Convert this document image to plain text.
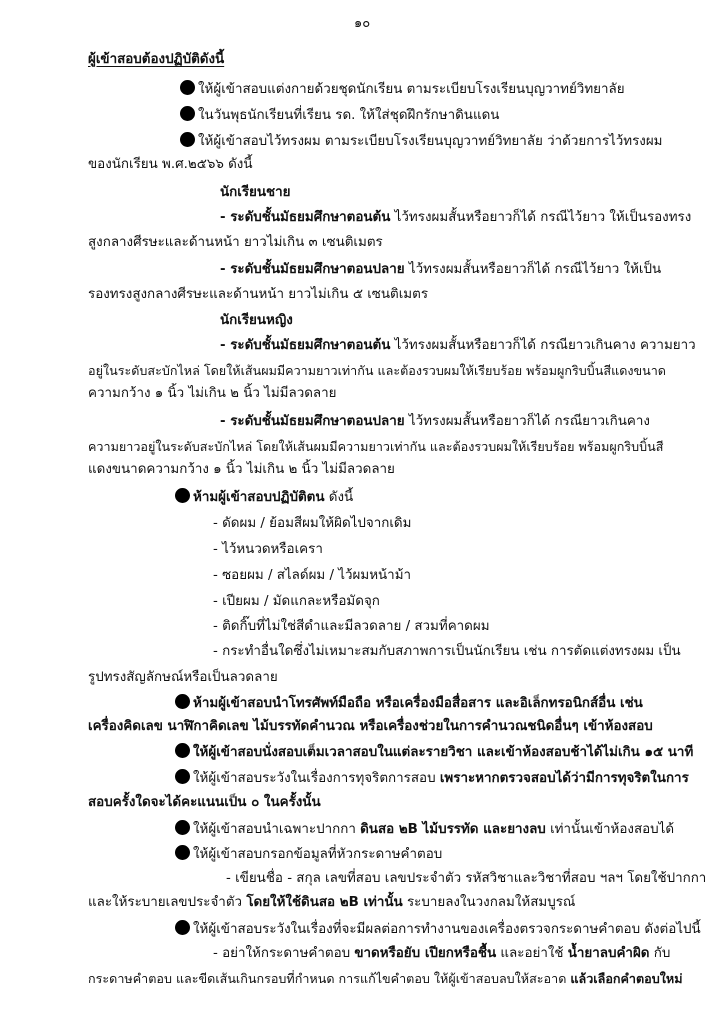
๑๐
ผู้เข้าสอบต้องปฏิบัติดังนี้
ให้ผู้เข้าสอบแต่งกายด้วยชุดนักเรียน ตามระเบียบโรงเรียนบุญวาทย์วิทยาลัย
ในวันพุธนักเรียนที่เรียน รด. ให้ใส่ชุดฝึกรักษาดินแดน
ให้ผู้เข้าสอบไว้ทรงผม ตามระเบียบโรงเรียนบุญวาทย์วิทยาลัย ว่าด้วยการไว้ทรงผม
ของนักเรียน พ.ศ.๒๕๖๖ ดังนี้
นักเรียนชาย
- ระดับชั้นมัธยมศึกษาตอนต้น ไว้ทรงผมสั้นหรือยาวก็ได้ กรณีไว้ยาว ให้เป็นรองทรง
สูงกลางศีรษะและด้านหน้า ยาวไม่เกิน ๓ เซนติเมตร
- ระดับชั้นมัธยมศึกษาตอนปลาย ไว้ทรงผมสั้นหรือยาวก็ได้ กรณีไว้ยาว ให้เป็น
รองทรงสูงกลางศีรษะและด้านหน้า ยาวไม่เกิน ๕ เซนติเมตร
นักเรียนหญิง
- ระดับชั้นมัธยมศึกษาตอนต้น ไว้ทรงผมสั้นหรือยาวก็ได้ กรณียาวเกินคาง ความยาว
อยู่ในระดับสะบักไหล่ โดยให้เส้นผมมีความยาวเท่ากัน และต้องรวบผมให้เรียบร้อย พร้อมผูกริบบิ้นสีแดงขนาด
ความกว้าง ๑ นิ้ว ไม่เกิน ๒ นิ้ว ไม่มีลวดลาย
- ระดับชั้นมัธยมศึกษาตอนปลาย ไว้ทรงผมสั้นหรือยาวก็ได้ กรณียาวเกินคาง
ความยาวอยู่ในระดับสะบักไหล่ โดยให้เส้นผมมีความยาวเท่ากัน และต้องรวบผมให้เรียบร้อย พร้อมผูกริบบิ้นสี
แดงขนาดความกว้าง ๑ นิ้ว ไม่เกิน ๒ นิ้ว ไม่มีลวดลาย
ห้ามผู้เข้าสอบปฏิบัติตน ดังนี้
- ดัดผม / ย้อมสีผมให้ผิดไปจากเดิม
- ไว้หนวดหรือเครา
- ซอยผม / สไลด์ผม / ไว้ผมหน้าม้า
- เปียผม / มัดแกละหรือมัดจุก
- ติดกิ๊บที่ไม่ใช่สีดำและมีลวดลาย / สวมที่คาดผม
- กระทำอื่นใดซึ่งไม่เหมาะสมกับสภาพการเป็นนักเรียน เช่น การตัดแต่งทรงผม เป็น
รูปทรงสัญลักษณ์หรือเป็นลวดลาย
ห้ามผู้เข้าสอบนำโทรศัพท์มือถือ หรือเครื่องมือสื่อสาร และอิเล็กทรอนิกส์อื่น เช่น
เครื่องคิดเลข นาฬิกาคิดเลข ไม้บรรทัดคำนวณ หรือเครื่องช่วยในการคำนวณชนิดอื่นๆ เข้าห้องสอบ
ให้ผู้เข้าสอบนั่งสอบเต็มเวลาสอบในแต่ละรายวิชา และเข้าห้องสอบช้าได้ไม่เกิน ๑๕ นาที
ให้ผู้เข้าสอบระวังในเรื่องการทุจริตการสอบ เพราะหากตรวจสอบได้ว่ามีการทุจริตในการ
สอบครั้งใดจะได้คะแนนเป็น ๐ ในครั้งนั้น
ให้ผู้เข้าสอบนำเฉพาะปากกา ดินสอ ๒B ไม้บรรทัด และยางลบ เท่านั้นเข้าห้องสอบได้
ให้ผู้เข้าสอบกรอกข้อมูลที่หัวกระดาษคำตอบ
- เขียนชื่อ - สกุล เลขที่สอบ เลขประจำตัว รหัสวิชาและวิชาที่สอบ ฯลฯ โดยใช้ปากกา
และให้ระบายเลขประจำตัว โดยให้ใช้ดินสอ ๒B เท่านั้น ระบายลงในวงกลมให้สมบูรณ์
ให้ผู้เข้าสอบระวังในเรื่องที่จะมีผลต่อการทำงานของเครื่องตรวจกระดาษคำตอบ ดังต่อไปนี้
- อย่าให้กระดาษคำตอบ ขาดหรือยับ เปียกหรือชื้น และอย่าใช้ น้ำยาลบคำผิด กับ
กระดาษคำตอบ และขีดเส้นเกินกรอบที่กำหนด การแก้ไขคำตอบ ให้ผู้เข้าสอบลบให้สะอาด แล้วเลือกคำตอบใหม่
